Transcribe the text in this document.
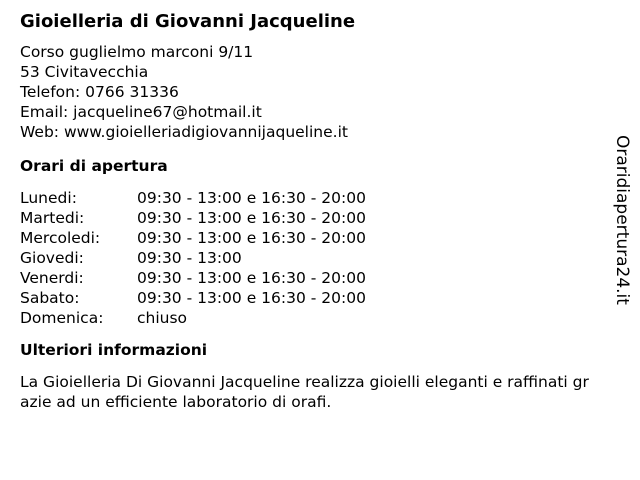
Gioielleria di Giovanni Jacqueline
Corso guglielmo marconi 9/11
53 Civitavecchia
Telefon: 0766 31336
Email: jacqueline67@hotmail.it
Web: www.gioielleriadigiovannijaqueline.it
Orari di apertura
Lunedi:	09:30 - 13:00 e 16:30 - 20:00
Martedi:	09:30 - 13:00 e 16:30 - 20:00
Mercoledi: 09:30 - 13:00 e 16:30 - 20:00
Giovedi:	09:30 - 13:00
Venerdi:	09:30 - 13:00 e 16:30 - 20:00
Sabato:	09:30 - 13:00 e 16:30 - 20:00
Domenica: chiuso
Ulteriori informazioni
La Gioielleria Di Giovanni Jacqueline realizza gioielli eleganti e raffinati grazie ad un efficiente laboratorio di orafi.
Oraridiapertura24.it
